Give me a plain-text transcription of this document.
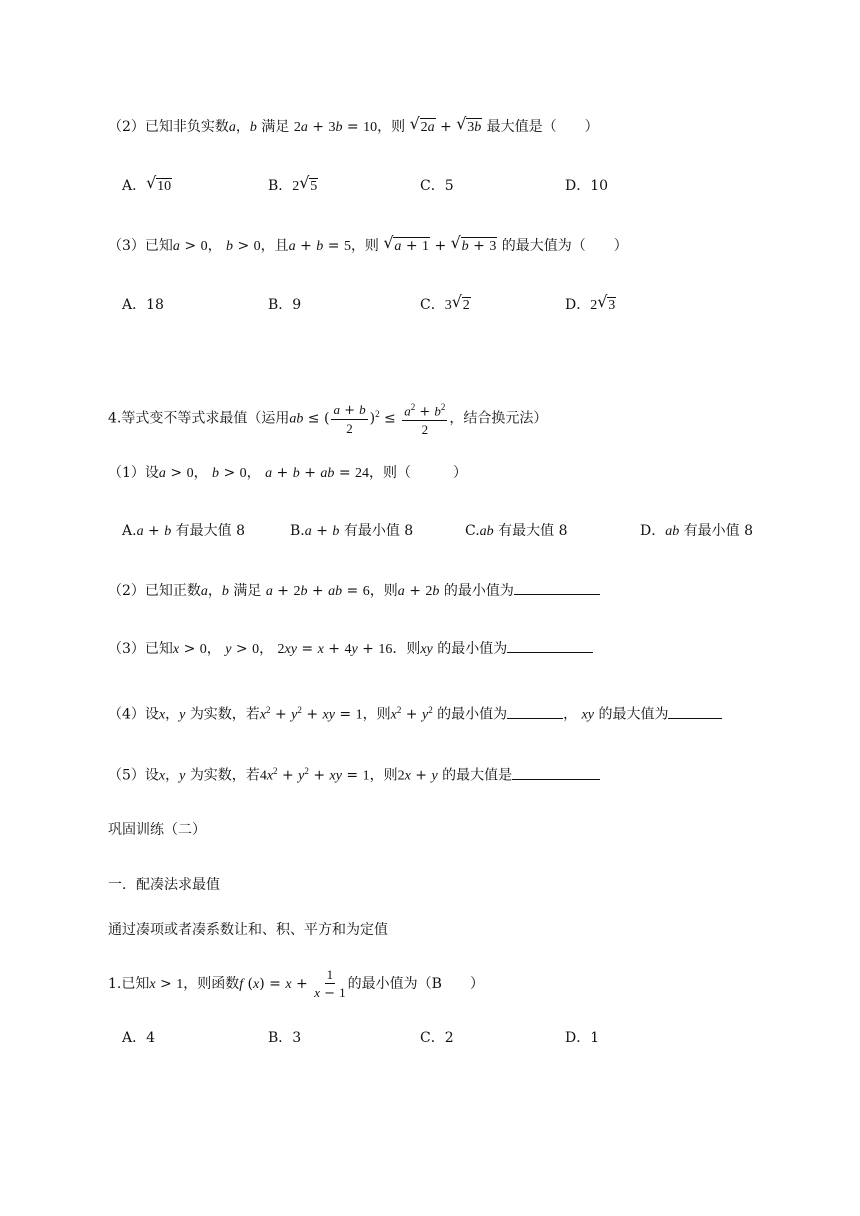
（2）已知非负实数a，b 满足 2a + 3b = 10，则 √ 2a + √ 3b 最大值是（　　）
A． √ 10	B．2 √ 5	C．5	D．10
（3）已知a > 0， b > 0，且a + b = 5，则 √ a + 1 + √ b + 3 的最大值为（　　）
A．18	B．9	C．3 √ 2	D．2 √ 3
4.等式变不等式求最值（运用ab ≤ ( $\frac{a + b}{2} )^2 \le \frac{a^2 + b^2}{2}$ ，结合换元法）
（1）设a > 0， b > 0， a + b + ab = 24，则（　　　）
A.a + b 有最大值 8	B.a + b 有最小值 8	C.ab 有最大值 8	D．ab 有最小值 8
（2）已知正数a，b 满足 a + 2b + ab = 6，则a + 2b 的最小值为
（3）已知x > 0， y > 0， 2xy = x + 4y + 16．则xy 的最小值为
（4）设x，y 为实数，若$x^2 + y^2$ + xy = 1，则$x^2 + y^2$ 的最小值为	， xy 的最大值为
（5）设x，y 为实数，若$4x^2 + y^2$ + xy = 1，则2x + y 的最大值是
巩固训练（二）
一．配凑法求最值
通过凑项或者凑系数让和、积、平方和为定值
1.已知x > 1，则函数f $(x) = x + \frac{1}{x - 1}$ 的最小值为（B　　）
A．4	B．3	C．2	D．1
